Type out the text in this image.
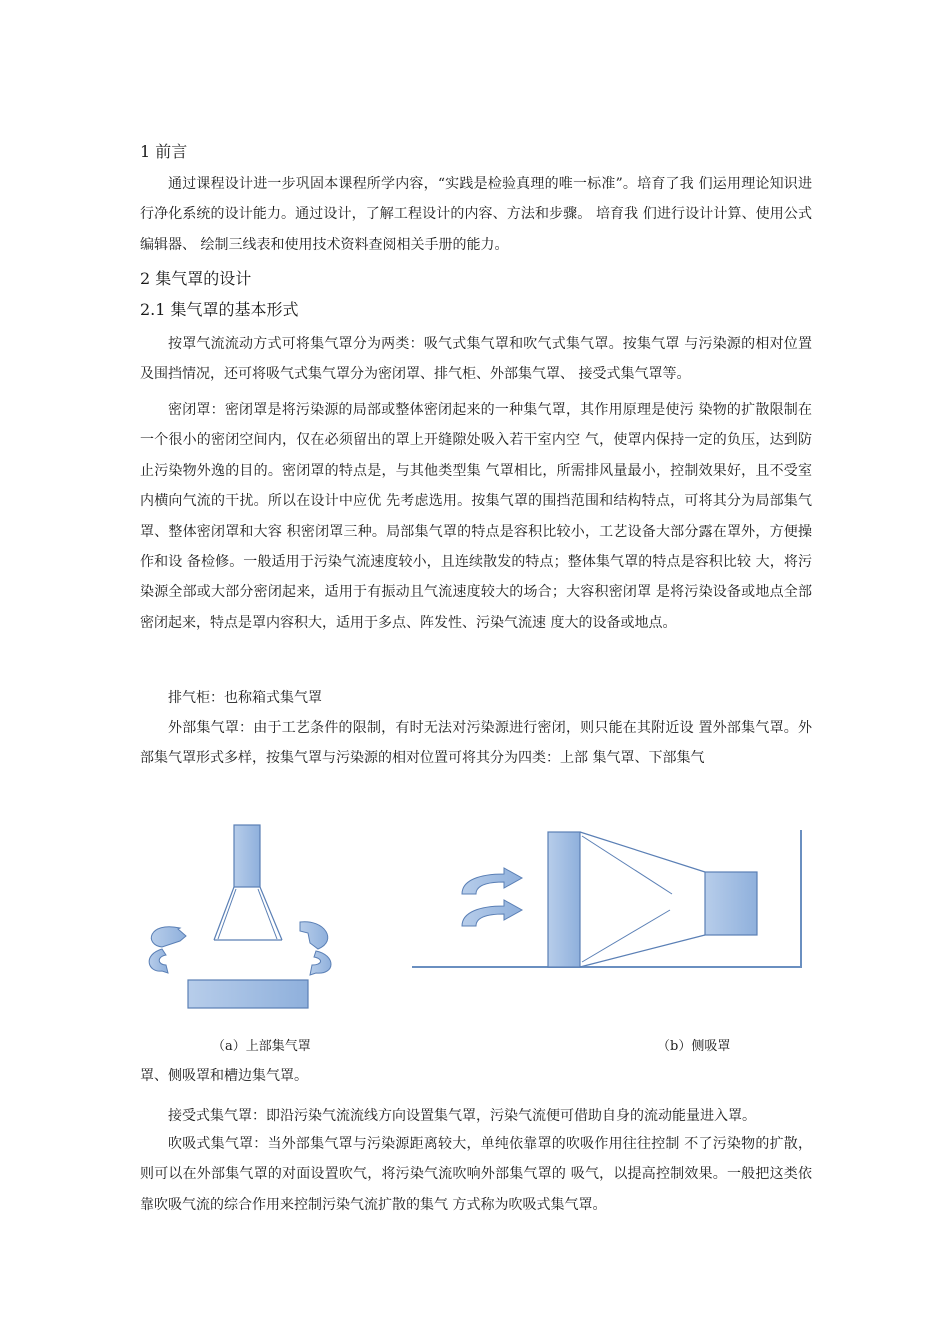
1 前言

通过课程设计进一步巩固本课程所学内容，“实践是检验真理的唯一标准”。培育了我 们运用理论知识进行净化系统的设计能力。通过设计，了解工程设计的内容、方法和步骤。 培育我 们进行设计计算、使用公式编辑器、 绘制三线表和使用技术资料查阅相关手册的能力。

2 集气罩的设计
2.1 集气罩的基本形式

按罩气流流动方式可将集气罩分为两类：吸气式集气罩和吹气式集气罩。按集气罩 与污染源的相对位置及围挡情况，还可将吸气式集气罩分为密闭罩、排气柜、外部集气罩、 接受式集气罩等。

密闭罩：密闭罩是将污染源的局部或整体密闭起来的一种集气罩，其作用原理是使污 染物的扩散限制在一个很小的密闭空间内，仅在必须留出的罩上开缝隙处吸入若干室内空 气，使罩内保持一定的负压，达到防止污染物外逸的目的。密闭罩的特点是，与其他类型集 气罩相比，所需排风量最小，控制效果好，且不受室内横向气流的干扰。所以在设计中应优 先考虑选用。按集气罩的围挡范围和结构特点，可将其分为局部集气罩、整体密闭罩和大容 积密闭罩三种。局部集气罩的特点是容积比较小，工艺设备大部分露在罩外，方便操作和设 备检修。一般适用于污染气流速度较小，且连续散发的特点；整体集气罩的特点是容积比较 大，将污染源全部或大部分密闭起来，适用于有振动且气流速度较大的场合；大容积密闭罩 是将污染设备或地点全部密闭起来，特点是罩内容积大，适用于多点、阵发性、污染气流速 度大的设备或地点。

排气柜：也称箱式集气罩

外部集气罩：由于工艺条件的限制，有时无法对污染源进行密闭，则只能在其附近设 置外部集气罩。外部集气罩形式多样，按集气罩与污染源的相对位置可将其分为四类：上部 集气罩、下部集气

（a）上部集气罩	（b）侧吸罩

罩、侧吸罩和槽边集气罩。

接受式集气罩：即沿污染气流流线方向设置集气罩，污染气流便可借助自身的流动能量进入罩。

吹吸式集气罩：当外部集气罩与污染源距离较大，单纯依靠罩的吹吸作用往往控制 不了污染物的扩散，则可以在外部集气罩的对面设置吹气，将污染气流吹响外部集气罩的 吸气，以提高控制效果。一般把这类依靠吹吸气流的综合作用来控制污染气流扩散的集气 方式称为吹吸式集气罩。
